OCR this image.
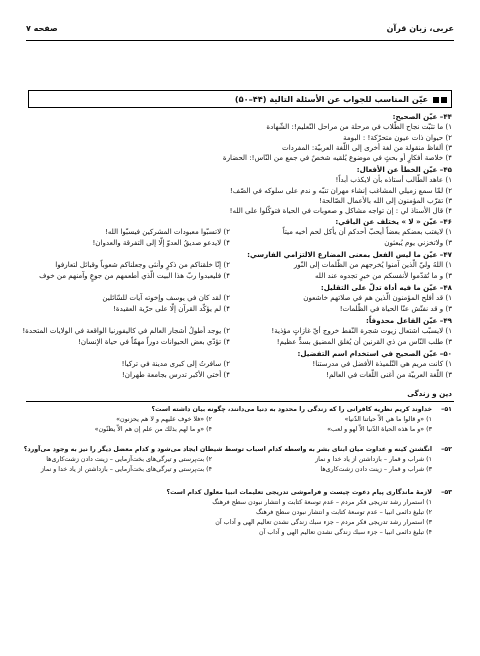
عربی، زبان قرآن
صفحه ۷
عيّن المناسب للجواب عن الأسئلة التالية (۴۴–۵۰)
۴۴– عيّن الصحيح:
۱) ما تثبّت نجاح الطّلاب في مرحلة من مراحل التّعليم!: الشّهادة
۲) حيوان ذات عيون متحرّكة! : البومة
۳) ألفاظ منقولة من لغة أخرى إلى اللّغة العربيّة: المفردات
۴) خلاصة أفكارٍ أو بحثٍ في موضوع يُلقيه شخصٌ في جمع من النّاس!: الحضارة
۴۵– عيّن الخطأ عن الأفعال:
۱) عاهد الطّالب أستاذه بأن لايكذب أبداً!
۲) لمّا سمع زميلي المشاغب إنشاء مهران تنبّه و ندم على سلوكه في الصّف!
۳) تقرّب المؤمنون إلى الله بالأعمال الصّالحة!
۴) قال الأستاذ لي : إن تواجه مشاكل و صعوبات في الحياة فتوكّلوا على الله!
۴۶– عيّن « لا » يختلف عن الباقي:
۱) لايغتب بعضكم بعضاً أيحبّ أحدكم أن يأكل لحم أخيه ميتاً
۲) لاتسبّوا معبودات المشركين فيسبّوا الله!
۳) ولاتخزني يوم يُبعثون
۴) لايدعو صديقُ العدوّ إلّا إلى التفرقة والعدوان!
۴۷– عيّن ما ليس الفعل بمعنى المضارع الالتزامي الفارسي:
۱) اللهُ وليّ الّذين آمنوا يُخرجهم من الظّلمات إلى النّور
۲) إنّا خلقناكم من ذكرٍ وأنثى وجعلناكم شعوباً وقبائل لتعارفوا
۳) و ما تُقدّموا لأنفسكم من خيرٍ تجدوه عند الله
۴) فليعبدوا ربّ هذا البيت الّذي أطعمهم من جوعٍ وآمنهم من خوف
۴۸– عيّن ما فيه أداة تدلّ على التقليل:
۱) قد أفلح المؤمنون الّذين هم في صلاتهم خاشعون
۲) لقد كان في يوسف وإخوته آيات للسّائلين
۳) و قد نفتّش عنّا الحياة في الظّلمات!
۴) لم يؤكّد القرآن إلّا على حرّية العقيدة!
۴۹– عيّن الفاعل محذوفاً:
۱) لايسبّب اشتعال زيوت شجرة النّفط خروج أيّ غازاتٍ مؤذية!
۲) يوجد أطولُ أشجار العالم في كاليفورنيا الواقعة في الولايات المتحدة!
۳) طلب النّاس من ذي القرنين أن يُغلق المضيق بسدٍّ عظيم!
۴) تؤدّي بعض الحيوانات دوراً مهمّاً في حياة الإنسان!
۵۰– عيّن الصحيح في استخدام اسم التفضيل:
۱) كانت مريم هي التّلميذة الأفضل في مدرستنا!
۲) سافرتُ إلى كبرى مدينة في تركيا!
۳) اللّغة العربيّة من أغنى اللّغات في العالم!
۴) أختي الأكبر تدرس بجامعة طهران!
دين و زندگى
۵۱–
خداوند كريم نظريه كافرانى را كه زندگى را محدود به دنيا مى‌دانند، چگونه بيان داشته است؟
۱) «و قالوا ما هي الاّ حياتنا الدّنيا»
۲) «فلا خوف عليهم و لا هم يحزنون»
۳) «و ما هذه الحياة الدّنيا الاّ لهو و لعب»
۴) «و ما لهم بذلك من علم إن هم الاّ يظنّون»
۵۲–
انگشتن كينه و عداوت ميان ابناى بشر به واسطه كدام اسباب توسط شيطان ايجاد مى‌شود و كدام معضل ديگر را نيز به وجود مى‌آورد؟
۱) شراب و قمار – بازداشتن از ياد خدا و نماز
۲) بت‌پرستى و تيرگى‌هاى بخت‌آزمايى – زينت دادن زشت‌كارى‌ها
۳) شراب و قمار – زينت دادن زشت‌كارى‌ها
۴) بت‌پرستى و تيرگى‌هاى بخت‌آزمايى – بازداشتن از ياد خدا و نماز
۵۳–
لازمهٔ ماندگارى پيام دعوت چيست و فراموشى تدريجى تعليمات انبيا معلول كدام است؟
۱) استمرار رشد تدريجى فكر مردم – عدم توسعهٔ كتابت و انتشار نبودن سطح فرهنگ
۲) تبليغ دائمى انبيا – عدم توسعهٔ كتابت و انتشار نبودن سطح فرهنگ
۳) استمرار رشد تدريجى فكر مردم – جزء سبك زندگى نشدن تعاليم الهى و آداب آن
۴) تبليغ دائمى انبيا – جزء سبك زندگى نشدن تعاليم الهى و آداب آن
